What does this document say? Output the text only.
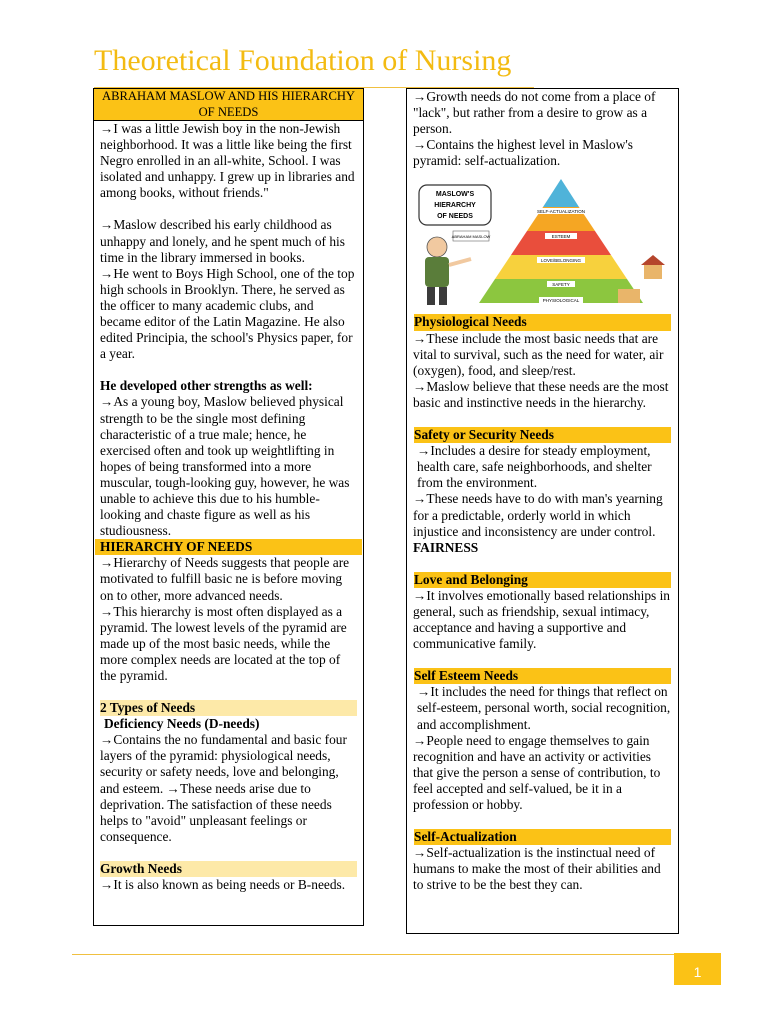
Theoretical Foundation of Nursing
ABRAHAM MASLOW AND HIS HIERARCHY OF NEEDS

→I was a little Jewish boy in the non-Jewish neighborhood. It was a little like being the first Negro enrolled in an all-white, School. I was isolated and unhappy. I grew up in libraries and among books, without friends."

→Maslow described his early childhood as unhappy and lonely, and he spent much of his time in the library immersed in books.

→He went to Boys High School, one of the top high schools in Brooklyn. There, he served as the officer to many academic clubs, and became editor of the Latin Magazine. He also edited Principia, the school's Physics paper, for a year.

He developed other strengths as well:

→As a young boy, Maslow believed physical strength to be the single most defining characteristic of a true male; hence, he exercised often and took up weightlifting in hopes of being transformed into a more muscular, tough-looking guy, however, he was unable to achieve this due to his humble-looking and chaste figure as well as his studiousness.

HIERARCHY OF NEEDS

→Hierarchy of Needs suggests that people are motivated to fulfill basic ne is before moving on to other, more advanced needs.

→This hierarchy is most often displayed as a pyramid. The lowest levels of the pyramid are made up of the most basic needs, while the more complex needs are located at the top of the pyramid.

2 Types of Needs

Deficiency Needs (D-needs)

→Contains the no fundamental and basic four layers of the pyramid: physiological needs, security or safety needs, love and belonging, and esteem. →These needs arise due to deprivation. The satisfaction of these needs helps to "avoid" unpleasant feelings or consequence.

Growth Needs

→It is also known as being needs or B-needs.

→Growth needs do not come from a place of "lack", but rather from a desire to grow as a person.

→Contains the highest level in Maslow's pyramid: self-actualization.

MASLOW'S
HIERARCHY
OF NEEDS
ABRAHAM MASLOW
SELF-ACTUALIZATION
ESTEEM
LOVE/BELONGING
SAFETY
PHYSIOLOGICAL
Physiological Needs

→These include the most basic needs that are vital to survival, such as the need for water, air (oxygen), food, and sleep/rest.

→Maslow believe that these needs are the most basic and instinctive needs in the hierarchy.

Safety or Security Needs

→Includes a desire for steady employment, health care, safe neighborhoods, and shelter from the environment.

→These needs have to do with man's yearning for a predictable, orderly world in which injustice and inconsistency are under control. FAIRNESS

Love and Belonging

→It involves emotionally based relationships in general, such as friendship, sexual intimacy, acceptance and having a supportive and communicative family.

Self Esteem Needs

→It includes the need for things that reflect on self-esteem, personal worth, social recognition, and accomplishment.

→People need to engage themselves to gain recognition and have an activity or activities that give the person a sense of contribution, to feel accepted and self-valued, be it in a profession or hobby.

Self-Actualization

→Self-actualization is the instinctual need of humans to make the most of their abilities and to strive to be the best they can.

1
